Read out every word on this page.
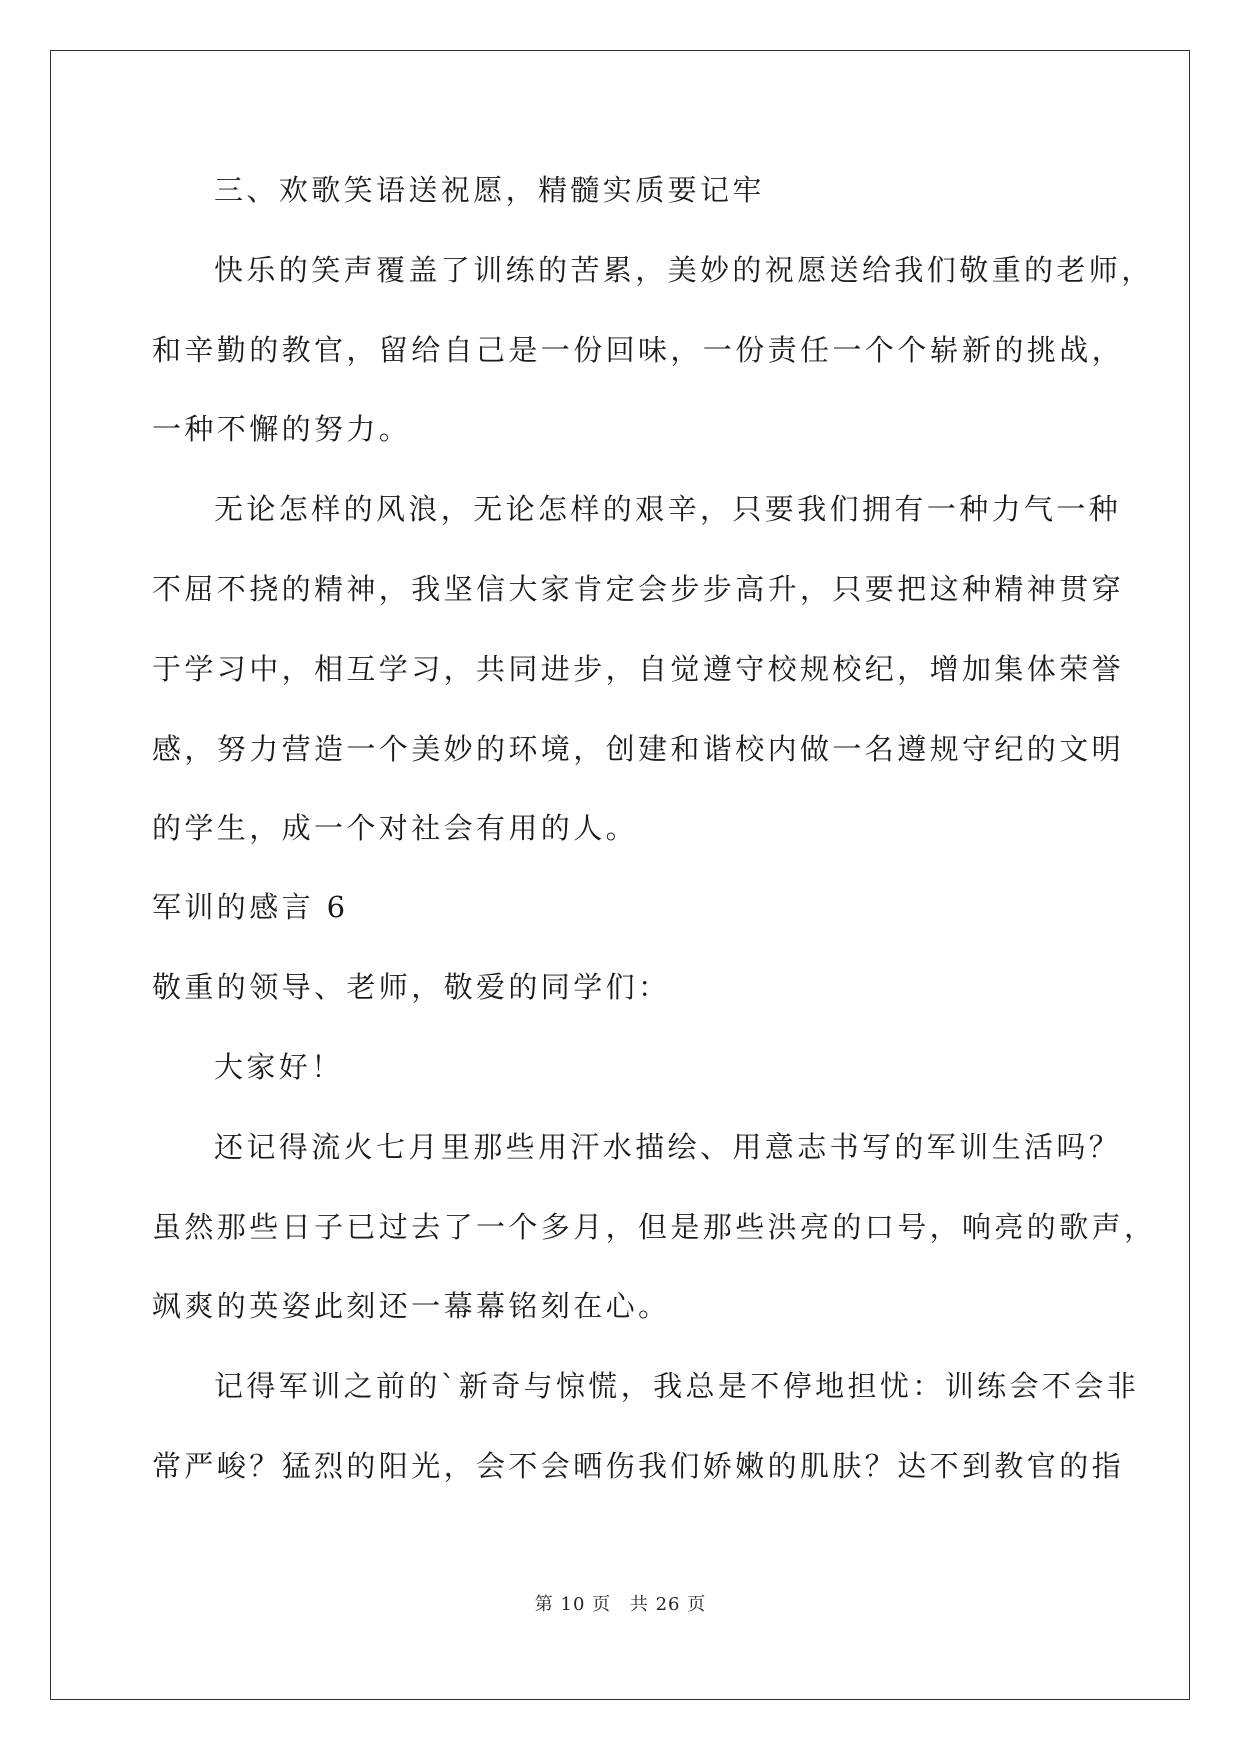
三、欢歌笑语送祝愿，精髓实质要记牢
快乐的笑声覆盖了训练的苦累，美妙的祝愿送给我们敬重的老师，
和辛勤的教官，留给自己是一份回味，一份责任一个个崭新的挑战，
一种不懈的努力。
无论怎样的风浪，无论怎样的艰辛，只要我们拥有一种力气一种
不屈不挠的精神，我坚信大家肯定会步步高升，只要把这种精神贯穿
于学习中，相互学习，共同进步，自觉遵守校规校纪，增加集体荣誉
感，努力营造一个美妙的环境，创建和谐校内做一名遵规守纪的文明
的学生，成一个对社会有用的人。
军训的感言 6
敬重的领导、老师，敬爱的同学们：
大家好！
还记得流火七月里那些用汗水描绘、用意志书写的军训生活吗？
虽然那些日子已过去了一个多月，但是那些洪亮的口号，响亮的歌声，
飒爽的英姿此刻还一幕幕铭刻在心。
记得军训之前的`新奇与惊慌，我总是不停地担忧：训练会不会非
常严峻？猛烈的阳光，会不会晒伤我们娇嫩的肌肤？达不到教官的指
第 10 页 共 26 页
